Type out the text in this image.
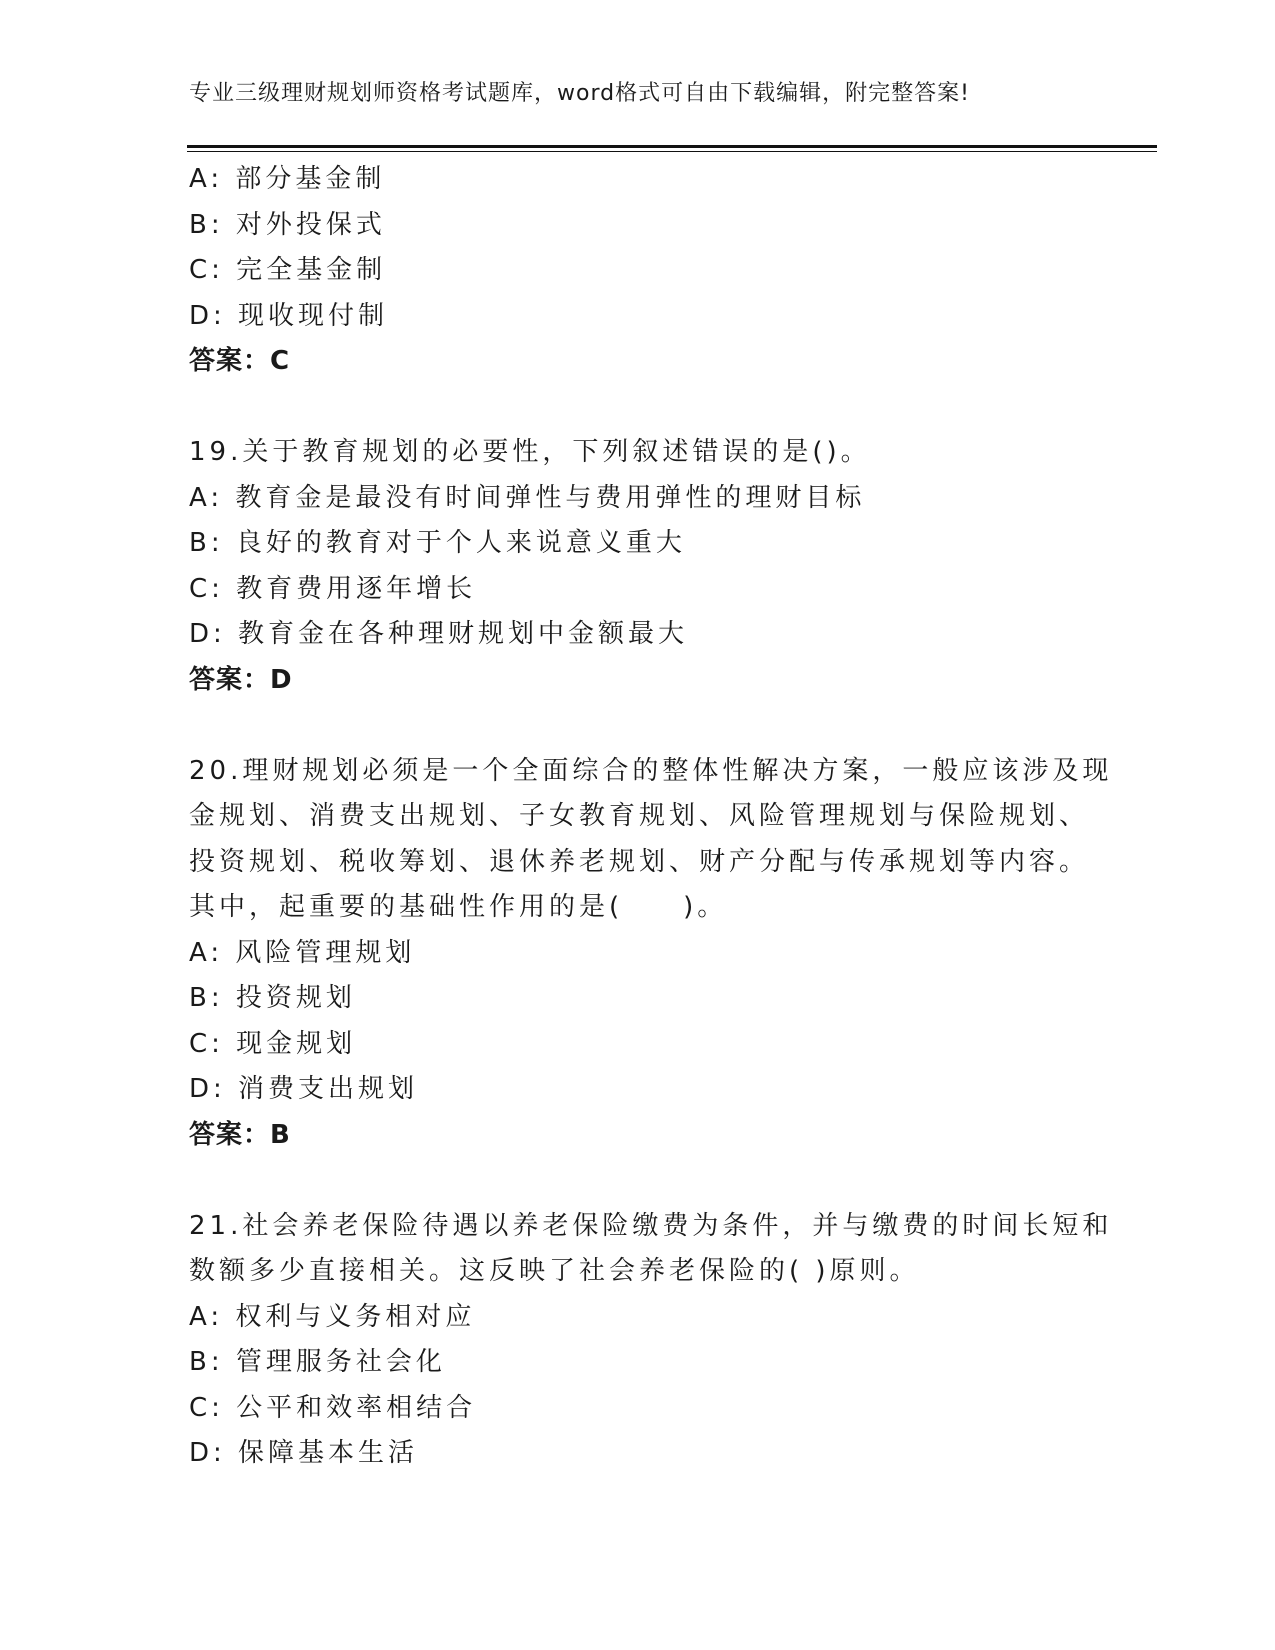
专业三级理财规划师资格考试题库，word格式可自由下载编辑，附完整答案!
A: 部分基金制
B: 对外投保式
C: 完全基金制
D: 现收现付制
答案：C
19.关于教育规划的必要性，下列叙述错误的是()。
A: 教育金是最没有时间弹性与费用弹性的理财目标
B: 良好的教育对于个人来说意义重大
C: 教育费用逐年增长
D: 教育金在各种理财规划中金额最大
答案：D
20.理财规划必须是一个全面综合的整体性解决方案，一般应该涉及现
金规划、消费支出规划、子女教育规划、风险管理规划与保险规划、
投资规划、税收筹划、退休养老规划、财产分配与传承规划等内容。
其中，起重要的基础性作用的是(　　)。
A: 风险管理规划
B: 投资规划
C: 现金规划
D: 消费支出规划
答案：B
21.社会养老保险待遇以养老保险缴费为条件，并与缴费的时间长短和
数额多少直接相关。这反映了社会养老保险的( )原则。
A: 权利与义务相对应
B: 管理服务社会化
C: 公平和效率相结合
D: 保障基本生活
